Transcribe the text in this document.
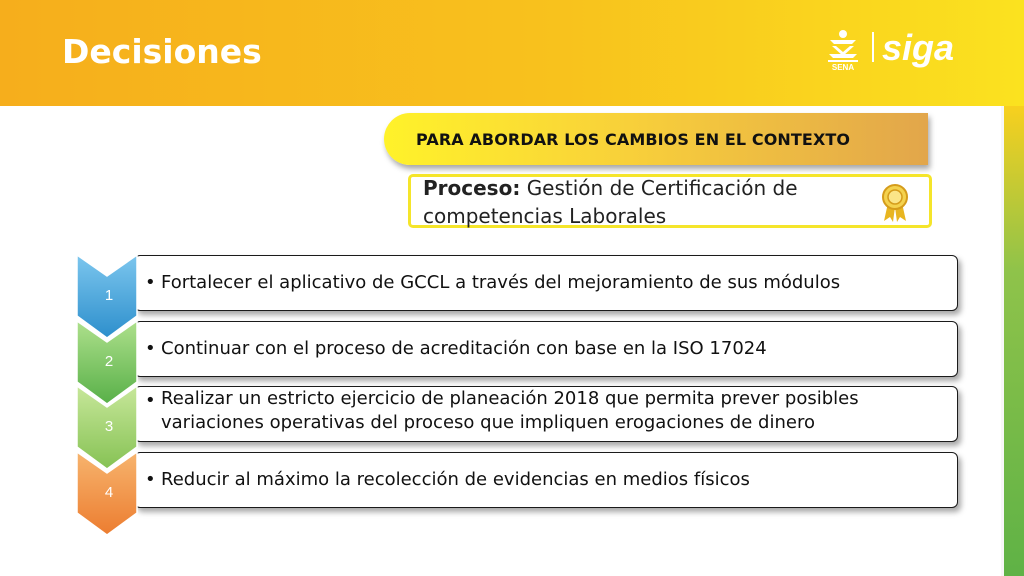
Decisiones	SENA siga
PARA ABORDAR LOS CAMBIOS EN EL CONTEXTO
Proceso: Gestión de Certificación de competencias Laborales
• Fortalecer el aplicativo de GCCL a través del mejoramiento de sus módulos
1
• Continuar con el proceso de acreditación con base en la ISO 17024
2
• Realizar un estricto ejercicio de planeación 2018 que permita prever posibles variaciones operativas del proceso que impliquen erogaciones de dinero
3
• Reducir al máximo la recolección de evidencias en medios físicos
4
